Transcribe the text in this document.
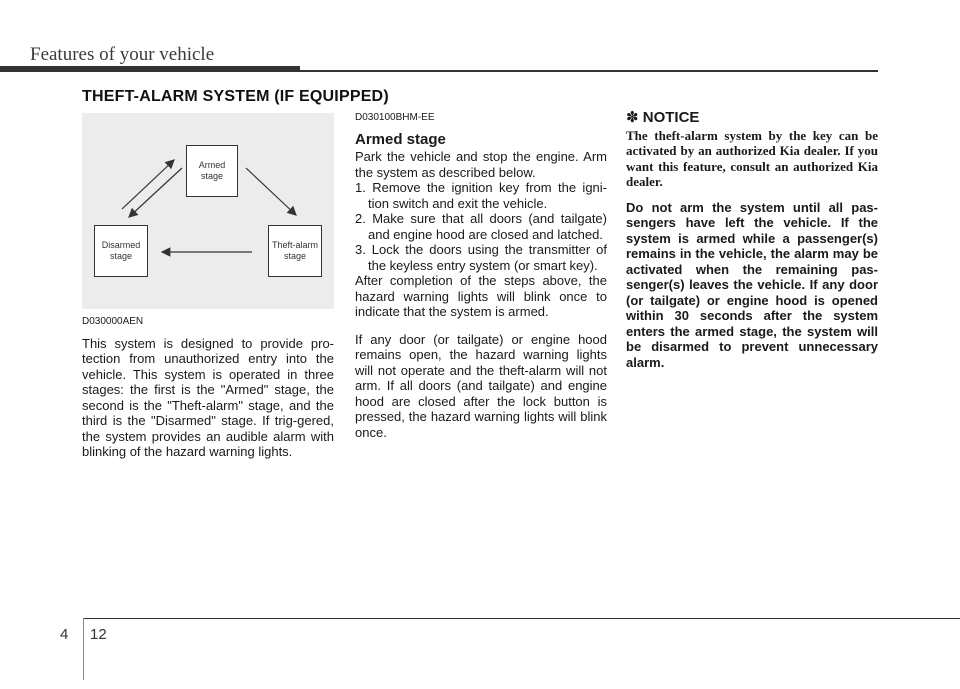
Features of your vehicle
THEFT-ALARM SYSTEM (IF EQUIPPED)
Armed
stage
Disarmed
stage
Theft-alarm
stage

D030000AEN

This system is designed to provide pro-tection from unauthorized entry into the vehicle. This system is operated in three stages: the first is the "Armed" stage, the second is the "Theft-alarm" stage, and the third is the "Disarmed" stage. If trig-gered, the system provides an audible alarm with blinking of the hazard warning lights.

D030100BHM-EE

Armed stage

Park the vehicle and stop the engine. Arm the system as described below.

1. Remove the ignition key from the igni-tion switch and exit the vehicle.
2. Make sure that all doors (and tailgate) and engine hood are closed and latched.
3. Lock the doors using the transmitter of the keyless entry system (or smart key).

After completion of the steps above, the hazard warning lights will blink once to indicate that the system is armed.

If any door (or tailgate) or engine hood remains open, the hazard warning lights will not operate and the theft-alarm will not arm. If all doors (and tailgate) and engine hood are closed after the lock button is pressed, the hazard warning lights will blink once.

✽ NOTICE

The theft-alarm system by the key can be activated by an authorized Kia dealer. If you want this feature, consult an authorized Kia dealer.

Do not arm the system until all pas-sengers have left the vehicle. If the system is armed while a passenger(s) remains in the vehicle, the alarm may be activated when the remaining pas-senger(s) leaves the vehicle. If any door (or tailgate) or engine hood is opened within 30 seconds after the system enters the armed stage, the system will be disarmed to prevent unnecessary alarm.

4 12
